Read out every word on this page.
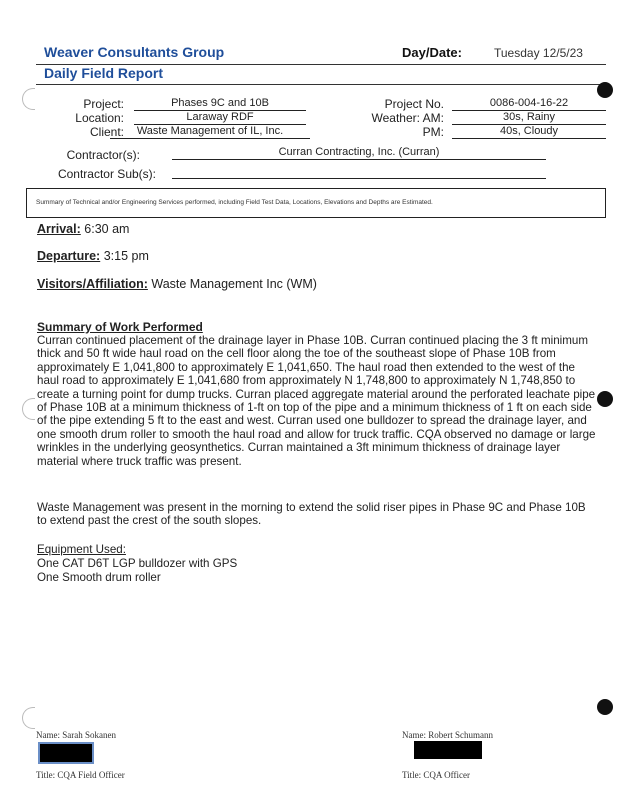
Weaver Consultants Group
Daily Field Report
Day/Date:	Tuesday 12/5/23
Project:	Phases 9C and 10B
Location:	Laraway RDF
Client:	Waste Management of IL, Inc.
Project No.	0086-004-16-22
Weather: AM:	30s, Rainy
PM:	40s, Cloudy
Contractor(s):	Curran Contracting, Inc. (Curran)
Contractor Sub(s):
Summary of Technical and/or Engineering Services performed, including Field Test Data, Locations, Elevations and Depths are Estimated.
Arrival: 6:30 am
Departure: 3:15 pm
Visitors/Affiliation: Waste Management Inc (WM)
Summary of Work Performed
Curran continued placement of the drainage layer in Phase 10B. Curran continued placing the 3 ft minimum thick and 50 ft wide haul road on the cell floor along the toe of the southeast slope of Phase 10B from approximately E 1,041,800 to approximately E 1,041,650. The haul road then extended to the west of the haul road to approximately E 1,041,680 from approximately N 1,748,800 to approximately N 1,748,850 to create a turning point for dump trucks. Curran placed aggregate material around the perforated leachate pipe of Phase 10B at a minimum thickness of 1-ft on top of the pipe and a minimum thickness of 1 ft on each side of the pipe extending 5 ft to the east and west. Curran used one bulldozer to spread the drainage layer, and one smooth drum roller to smooth the haul road and allow for truck traffic. CQA observed no damage or large wrinkles in the underlying geosynthetics. Curran maintained a 3ft minimum thickness of drainage layer material where truck traffic was present.
Waste Management was present in the morning to extend the solid riser pipes in Phase 9C and Phase 10B to extend past the crest of the south slopes.
Equipment Used:
One CAT D6T LGP bulldozer with GPS
One Smooth drum roller
Name: Sarah Sokanen
Title: CQA Field Officer
Name: Robert Schumann
Title: CQA Officer
